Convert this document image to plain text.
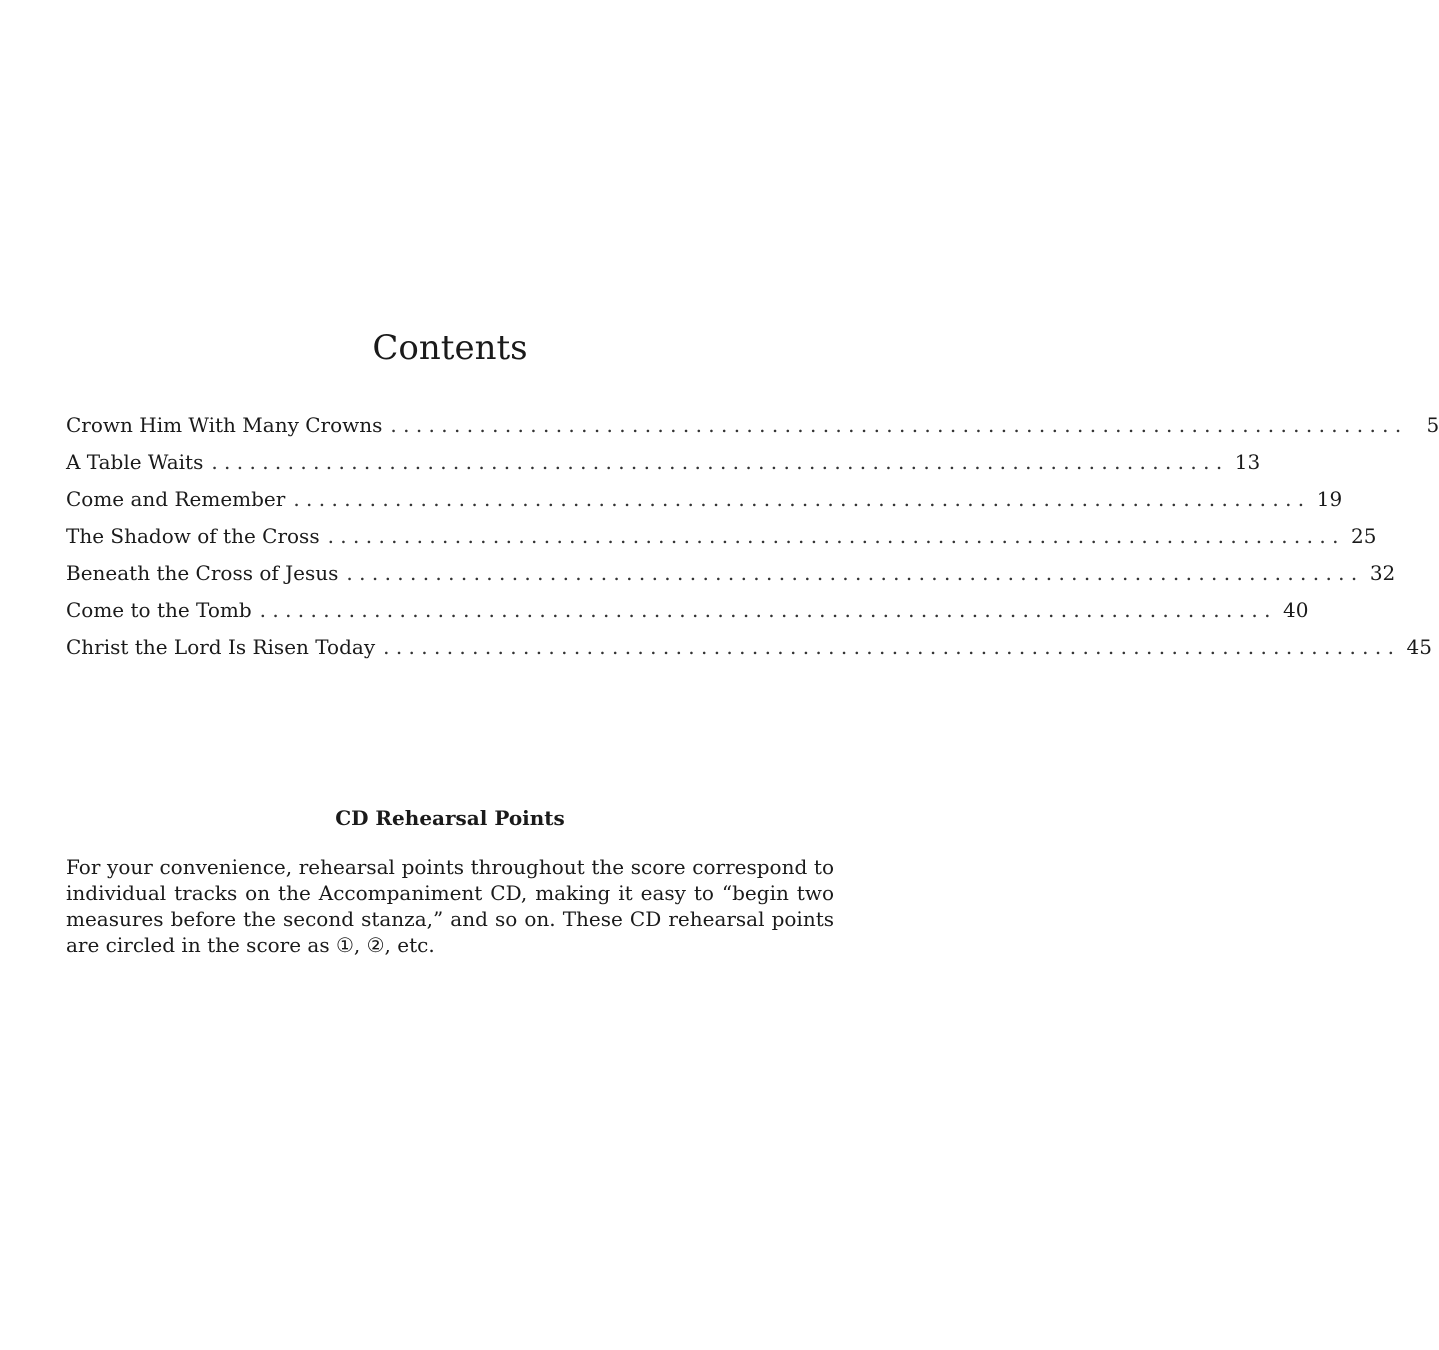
Contents
Crown Him With Many Crowns . . . . . . . . . . . . . . . . . . . . . . . . . . . . . . . . . . . . . . . . . . . . . . . . . . . . . . . . . . . . . . . . . . . . . . . . . . . . . . . .	5
A Table Waits . . . . . . . . . . . . . . . . . . . . . . . . . . . . . . . . . . . . . . . . . . . . . . . . . . . . . . . . . . . . . . . . . . . . . . . . . . . . . . . . 13
Come and Remember . . . . . . . . . . . . . . . . . . . . . . . . . . . . . . . . . . . . . . . . . . . . . . . . . . . . . . . . . . . . . . . . . . . . . . . . . . . . . . . . 19
The Shadow of the Cross . . . . . . . . . . . . . . . . . . . . . . . . . . . . . . . . . . . . . . . . . . . . . . . . . . . . . . . . . . . . . . . . . . . . . . . . . . . . . . . . 25
Beneath the Cross of Jesus . . . . . . . . . . . . . . . . . . . . . . . . . . . . . . . . . . . . . . . . . . . . . . . . . . . . . . . . . . . . . . . . . . . . . . . . . . . . . . . . 32
Come to the Tomb . . . . . . . . . . . . . . . . . . . . . . . . . . . . . . . . . . . . . . . . . . . . . . . . . . . . . . . . . . . . . . . . . . . . . . . . . . . . . . . . 40
Christ the Lord Is Risen Today . . . . . . . . . . . . . . . . . . . . . . . . . . . . . . . . . . . . . . . . . . . . . . . . . . . . . . . . . . . . . . . . . . . . . . . . . . . . . . . . 45
CD Rehearsal Points

For your convenience, rehearsal points throughout the score correspond to individual tracks on the Accompaniment CD, making it easy to “begin two measures before the second stanza,” and so on. These CD rehearsal points are circled in the score as ①, ②, etc.
